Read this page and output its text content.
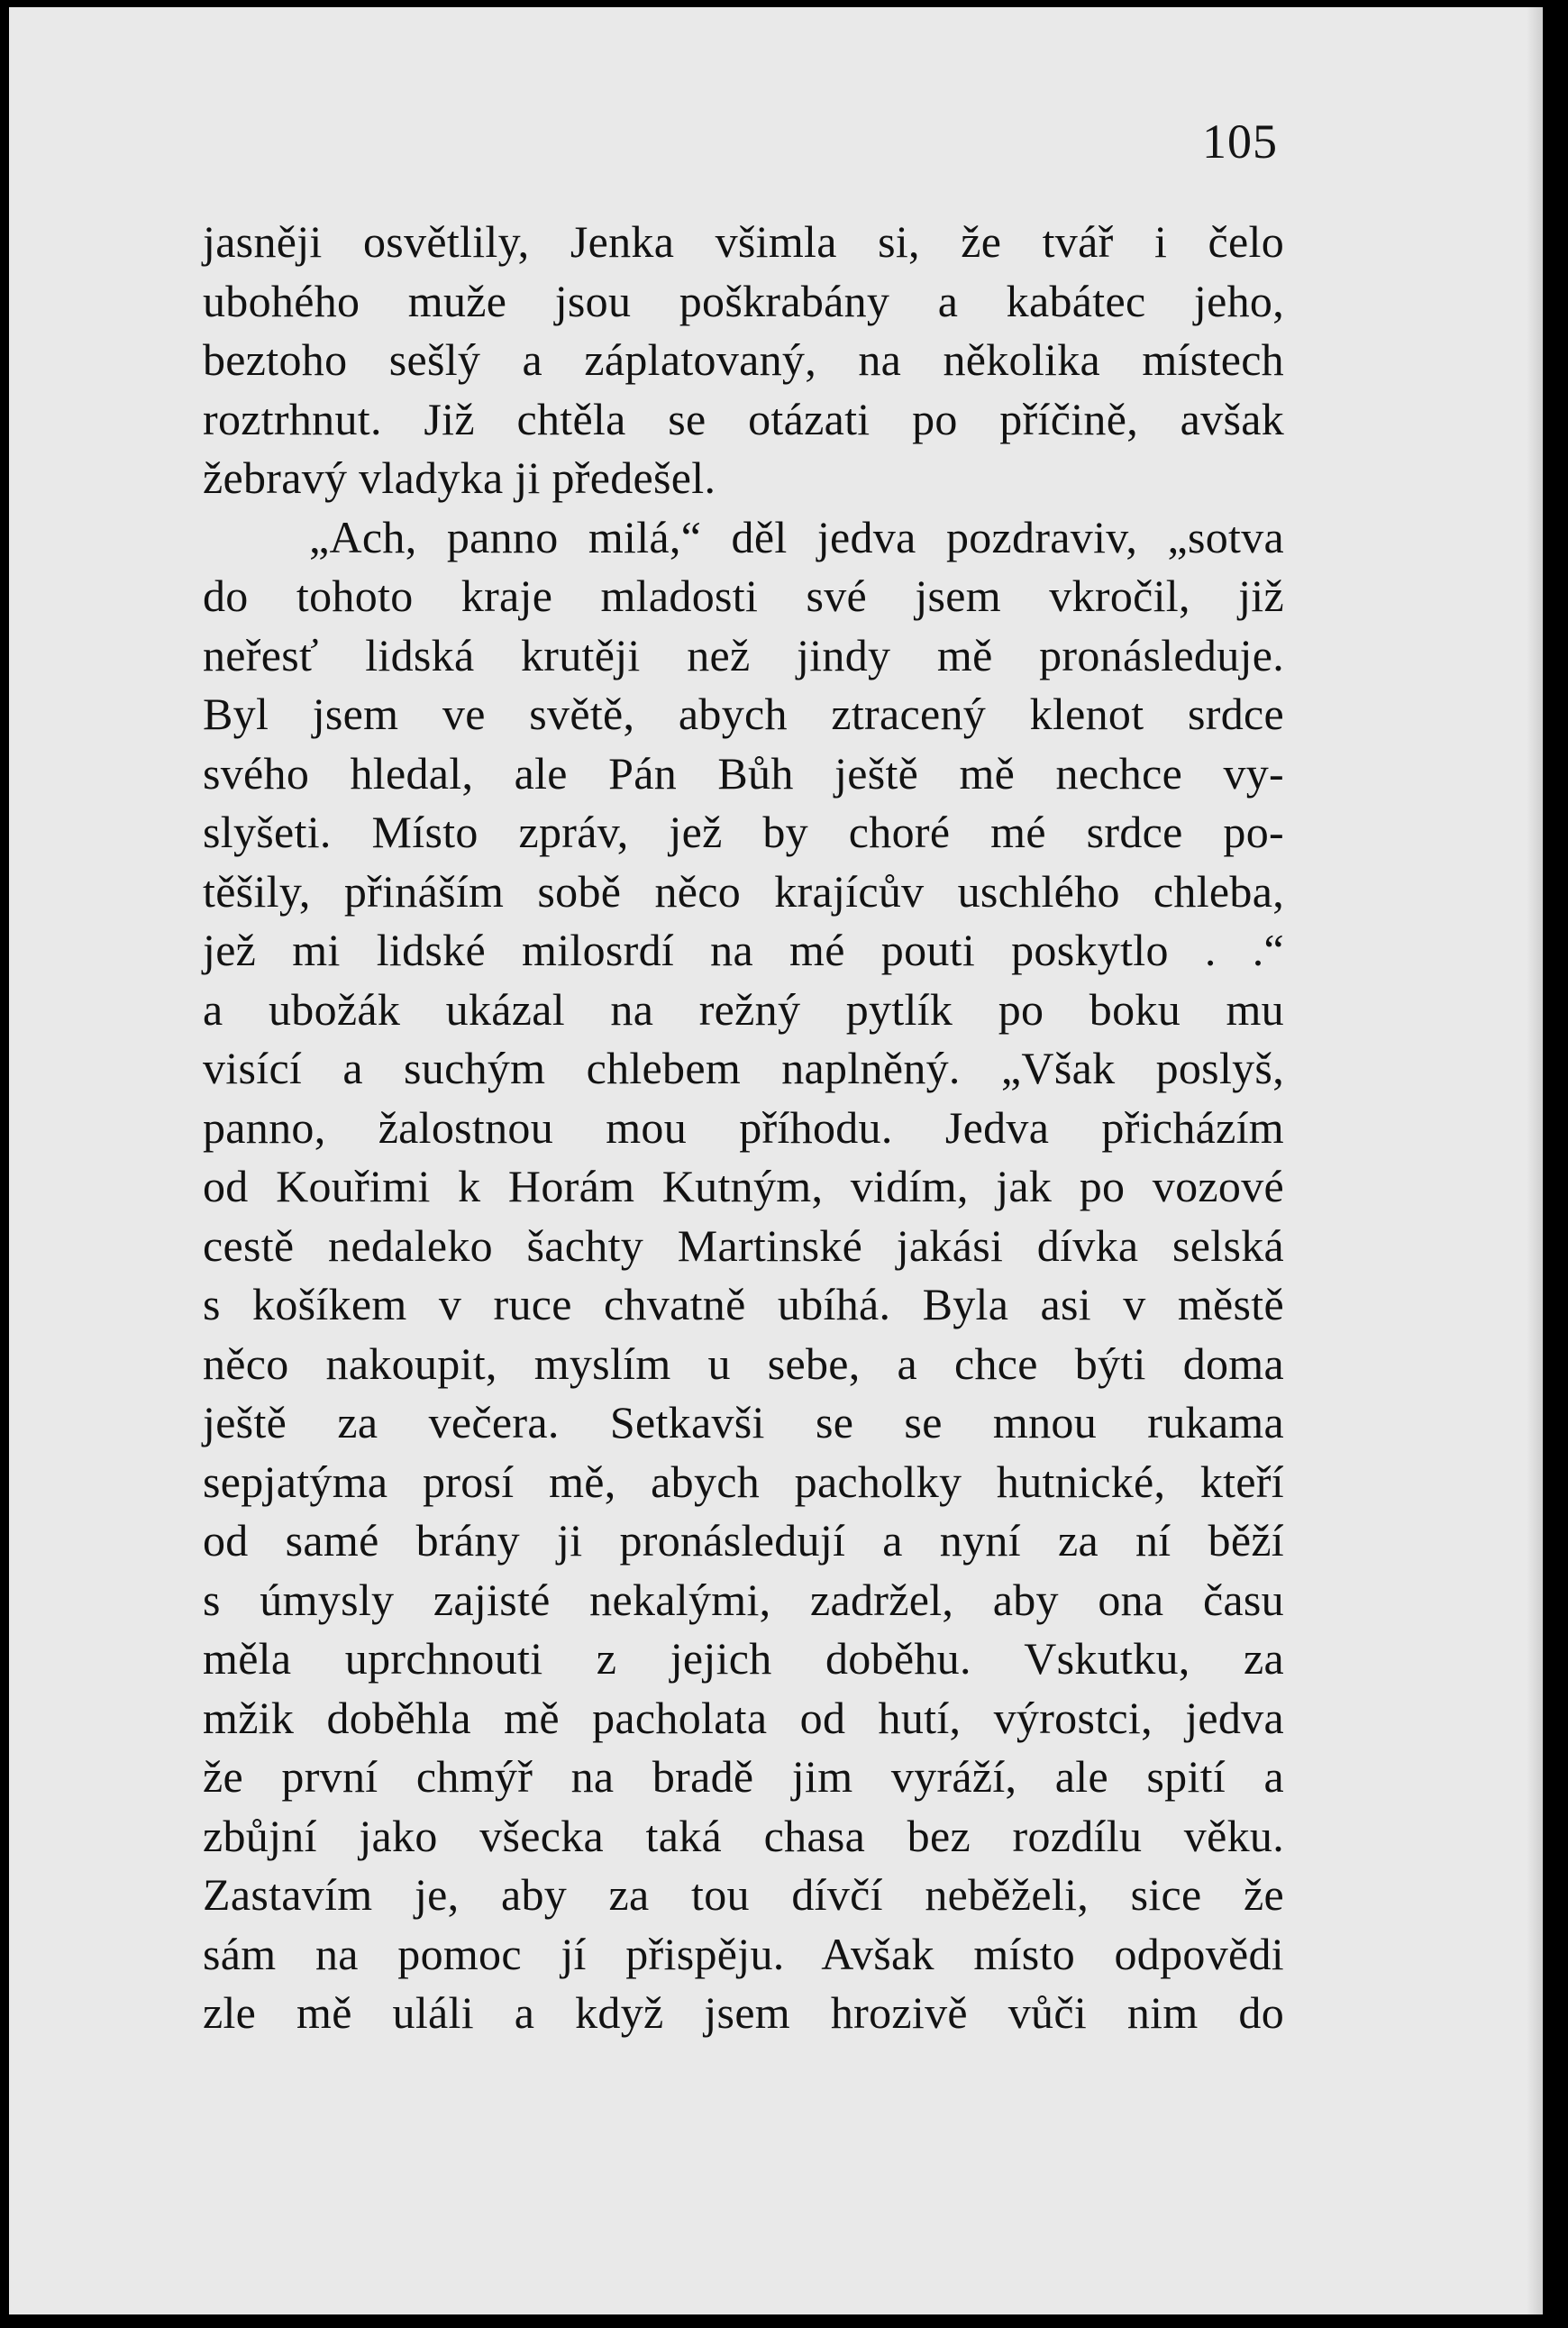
105
jasněji osvětlily, Jenka všimla si, že tvář i čelo
ubohého muže jsou poškrabány a kabátec jeho,
beztoho sešlý a záplatovaný, na několika místech
roztrhnut. Již chtěla se otázati po příčině, avšak
žebravý vladyka ji předešel.
„Ach, panno milá,“ děl jedva pozdraviv, „sotva
do tohoto kraje mladosti své jsem vkročil, již
neřesť lidská krutěji než jindy mě pronásleduje.
Byl jsem ve světě, abych ztracený klenot srdce
svého hledal, ale Pán Bůh ještě mě nechce vy-
slyšeti. Místo zpráv, jež by choré mé srdce po-
těšily, přináším sobě něco krajícův uschlého chleba,
jež mi lidské milosrdí na mé pouti poskytlo . .“
a ubožák ukázal na režný pytlík po boku mu
visící a suchým chlebem naplněný. „Však poslyš,
panno, žalostnou mou příhodu. Jedva přicházím
od Kouřimi k Horám Kutným, vidím, jak po vozové
cestě nedaleko šachty Martinské jakási dívka selská
s košíkem v ruce chvatně ubíhá. Byla asi v městě
něco nakoupit, myslím u sebe, a chce býti doma
ještě za večera. Setkavši se se mnou rukama
sepjatýma prosí mě, abych pacholky hutnické, kteří
od samé brány ji pronásledují a nyní za ní běží
s úmysly zajisté nekalými, zadržel, aby ona času
měla uprchnouti z jejich doběhu. Vskutku, za
mžik doběhla mě pacholata od hutí, výrostci, jedva
že první chmýř na bradě jim vyráží, ale spití a
zbůjní jako všecka taká chasa bez rozdílu věku.
Zastavím je, aby za tou dívčí neběželi, sice že
sám na pomoc jí přispěju. Avšak místo odpovědi
zle mě uláli a když jsem hrozivě vůči nim do
